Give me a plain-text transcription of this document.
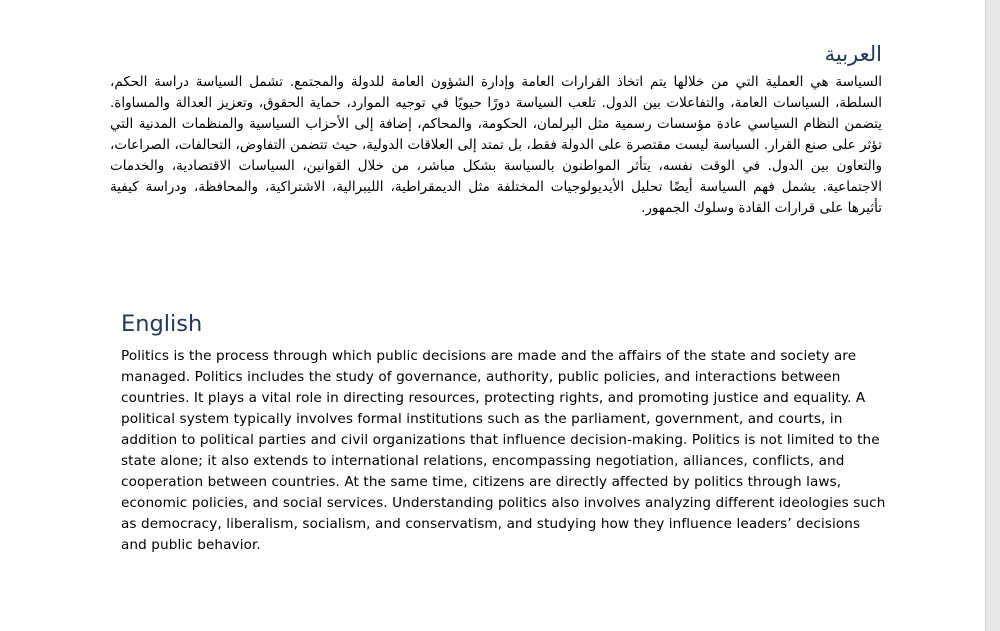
العربية

السياسة هي العملية التي من خلالها يتم اتخاذ القرارات العامة وإدارة الشؤون العامة للدولة والمجتمع. تشمل السياسة دراسة الحكم، السلطة، السياسات العامة، والتفاعلات بين الدول. تلعب السياسة دورًا حيويًا في توجيه الموارد، حماية الحقوق، وتعزيز العدالة والمساواة. يتضمن النظام السياسي عادة مؤسسات رسمية مثل البرلمان، الحكومة، والمحاكم، إضافة إلى الأحزاب السياسية والمنظمات المدنية التي تؤثر على صنع القرار. السياسة ليست مقتصرة على الدولة فقط، بل تمتد إلى العلاقات الدولية، حيث تتضمن التفاوض، التحالفات، الصراعات، والتعاون بين الدول. في الوقت نفسه، يتأثر المواطنون بالسياسة بشكل مباشر، من خلال القوانين، السياسات الاقتصادية، والخدمات الاجتماعية. يشمل فهم السياسة أيضًا تحليل الأيديولوجيات المختلفة مثل الديمقراطية، الليبرالية، الاشتراكية، والمحافظة، ودراسة كيفية تأثيرها على قرارات القادة وسلوك الجمهور.

English

Politics is the process through which public decisions are made and the affairs of the state and society are managed. Politics includes the study of governance, authority, public policies, and interactions between countries. It plays a vital role in directing resources, protecting rights, and promoting justice and equality. A political system typically involves formal institutions such as the parliament, government, and courts, in addition to political parties and civil organizations that influence decision-making. Politics is not limited to the state alone; it also extends to international relations, encompassing negotiation, alliances, conflicts, and cooperation between countries. At the same time, citizens are directly affected by politics through laws, economic policies, and social services. Understanding politics also involves analyzing different ideologies such as democracy, liberalism, socialism, and conservatism, and studying how they influence leaders’ decisions and public behavior.
